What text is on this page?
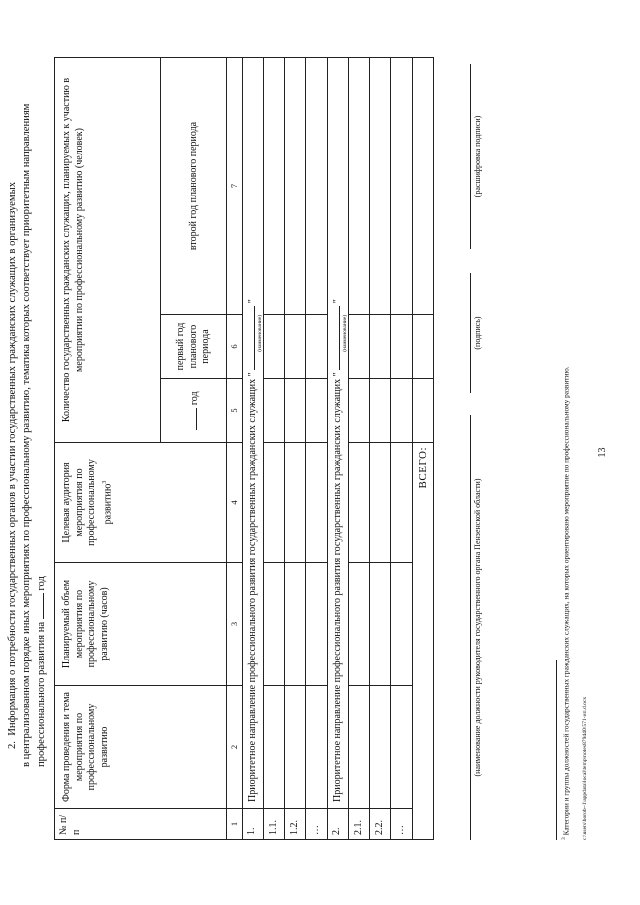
13
2.  Информация о потребности государственных органов в участии государственных гражданских служащих в организуемых в централизованном порядке иных мероприятиях по профессиональному развитию, тематика которых соответствует приоритетным направлениям профессионального развития на  год
№ п/п	Форма проведения и тема мероприятия по профессиональному развитию	Планируемый объем мероприятия по профессиональному развитию (часов)	Целевая аудитория мероприятия по профессиональному развитию$^3$	Количество государственных гражданских служащих, планируемых к участию в мероприятии по профессиональному развитию (человек)		
				год	первый год планового периода	второй год планового периода
1	2	3	4	5	6	7
1.	Приоритетное направление профессионального развития государственных гражданских служащих "
(наименование)
"					
1.1.						
1.2.						
…						
2.	Приоритетное направление профессионального развития государственных гражданских служащих "
(наименование)
"					
2.1.						
2.2.						
…						
ВСЕГО:						
(наименование должности руководителя государственного органа Пензенской области)
(подпись)
(расшифровка подписи)
$^3$ Категории и группы должностей государственных гражданских служащих, на которых ориентировано мероприятие по профессиональному развитию. c:\users\borob~1\appdata\local\temp\notes879440\571-ип.d.ocx
